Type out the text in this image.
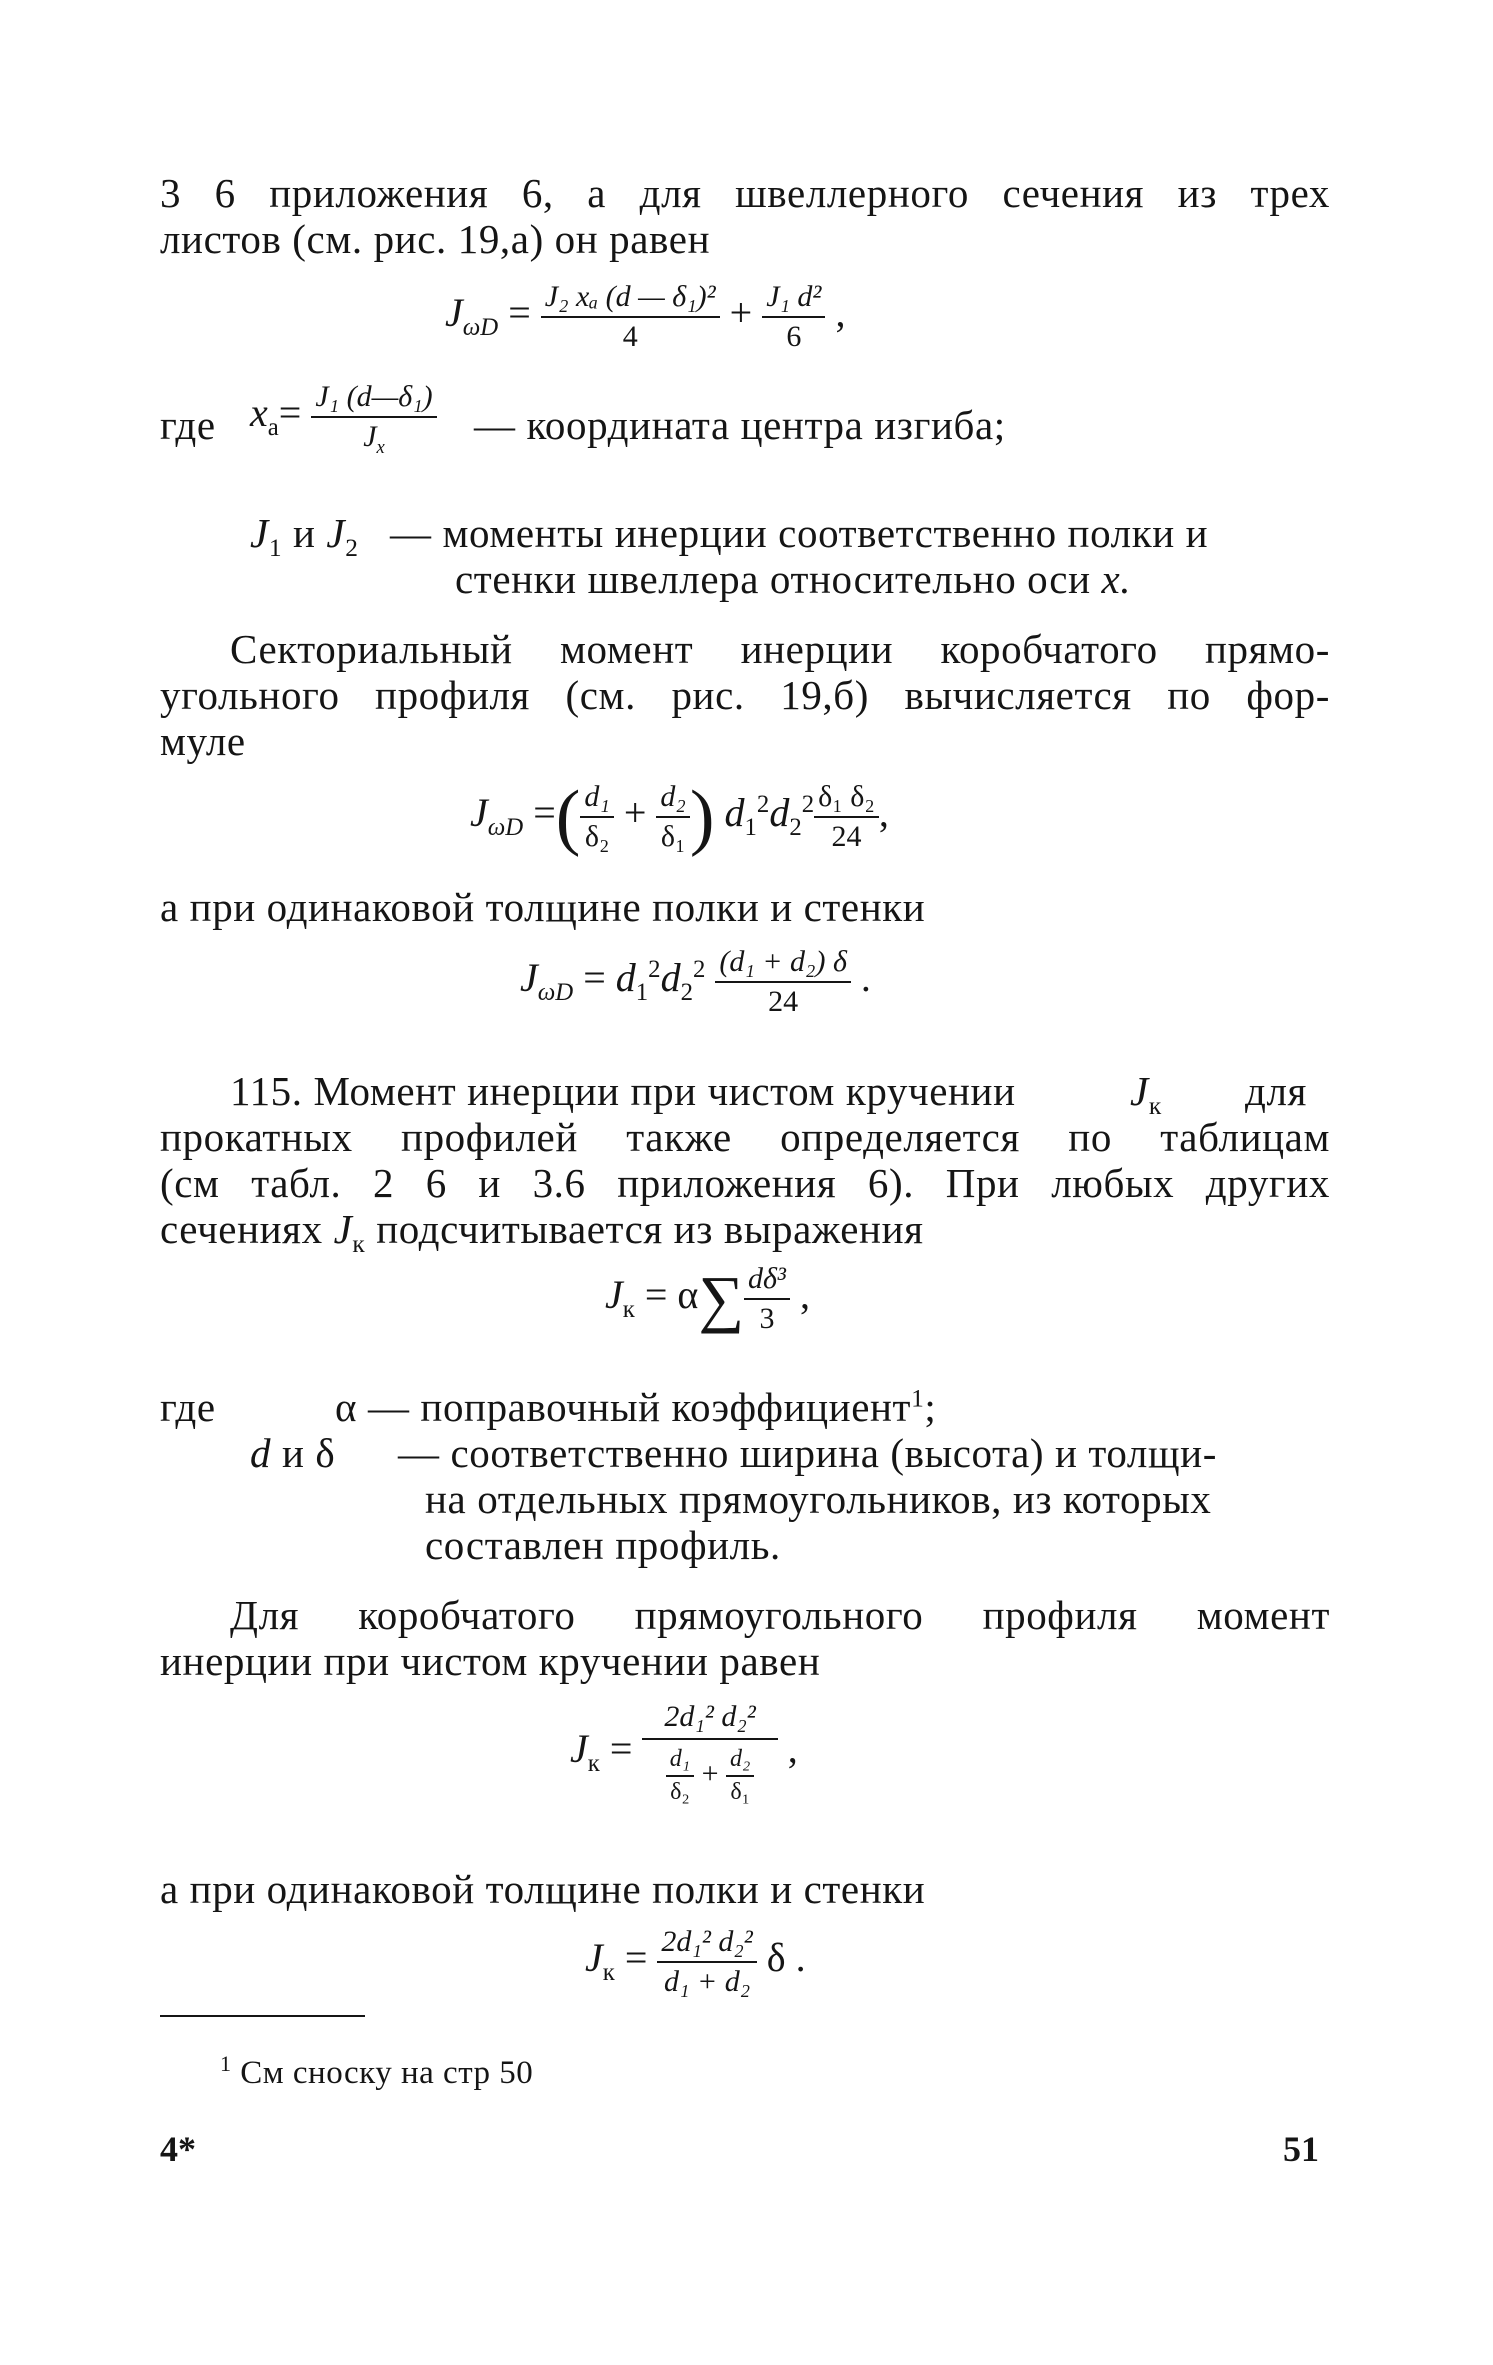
3 6 приложения 6, а для швеллерного сечения из трех
листов (см. рис. 19,а) он равен
$J_{\omega D} = \frac{\text{J₂ xₐ (d — δ₁)²}}{4} + \frac{\text{J₁ d²}}{6}$ ,
где $x_а= \frac{\text{J₁ (d—δ₁)}}{J_x}$ — координата центра изгиба;
$J_1$ и $J_2$ — моменты инерции соответственно полки и
стенки швеллера относительно оси x.
Секториальный момент инерции коробчатого прямо-
угольного профиля (см. рис. 19,б) вычисляется по фор-
муле
$J_{\omega D}$ =( $\frac{\text{d₁}}{\text{δ₂}} + \frac{\text{d₂}}{\text{δ₁}}$ ) $d_1^2d_2^2 \frac{\text{δ₁ δ₂}}{24}$ ,
а при одинаковой толщине полки и стенки
$J_{\omega D} = d_1^2d_2^2 \frac{\text{(d₁ + d₂) δ}}{24}$ .
115. Момент инерции при чистом кручении	$J_к$ для
прокатных профилей также определяется по таблицам
(см табл. 2 6 и 3.6 приложения 6). При любых других
сечениях $J_к$ подсчитывается из выражения
$J_к = \alpha\sum \frac{\text{dδ³}}{3}$ ,
где	α — поправочный коэффициент$^1$;
d и δ — соответственно ширина (высота) и толщи-
на отдельных прямоугольников, из которых
составлен профиль.
Для коробчатого прямоугольного профиля момент
инерции при чистом кручении равен
$J_к = \frac{\text{2d₁² d₂²}}{\frac{\text{d₁}}{\text{δ₂}} + \frac{\text{d₂}}{\text{δ₁}}}$ ,
а при одинаковой толщине полки и стенки
$J_к = \frac{\text{2d₁² d₂²}}{\text{d₁ + d₂}}$ δ .
$^1$ См сноску на стр 50
4*	51
